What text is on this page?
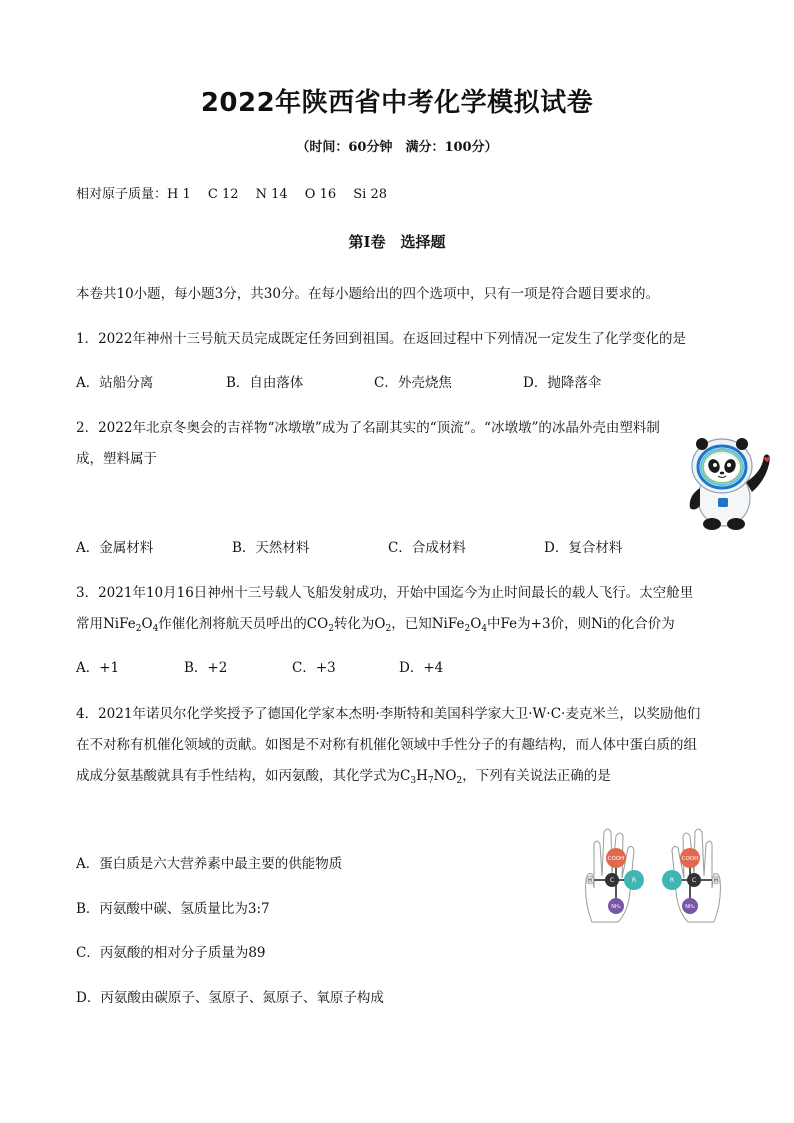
2022年陕西省中考化学模拟试卷
（时间：60分钟　满分：100分）
相对原子质量：H 1　 C 12　 N 14　 O 16　 Si 28
第Ⅰ卷　选择题
本卷共10小题，每小题3分，共30分。在每小题给出的四个选项中，只有一项是符合题目要求的。
1．2022年神州十三号航天员完成既定任务回到祖国。在返回过程中下列情况一定发生了化学变化的是
A．站船分离	B．自由落体	C．外壳烧焦	D．抛降落伞
2．2022年北京冬奥会的吉祥物“冰墩墩”成为了名副其实的“顶流”。“冰墩墩”的冰晶外壳由塑料制
成，塑料属于
A．金属材料	B．天然材料	C．合成材料	D．复合材料
3．2021年10月16日神州十三号载人飞船发射成功，开始中国迄今为止时间最长的载人飞行。太空舱里
常用$NiFe_2O_4$作催化剂将航天员呼出的$CO_2$转化为$O_2$，已知$NiFe_2O_4$中Fe为+3价，则Ni的化合价为
A．+1	B．+2	C．+3	D．+4
4．2021年诺贝尔化学奖授予了德国化学家本杰明·李斯特和美国科学家大卫·W·C·麦克米兰，以奖励他们
在不对称有机催化领域的贡献。如图是不对称有机催化领域中手性分子的有趣结构，而人体中蛋白质的组
成成分氨基酸就具有手性结构，如丙氨酸，其化学式为$C_3H_7NO_2$，下列有关说法正确的是
COOH
H	C	R
NH₂
COOH
R	C	H
NH₂
A．蛋白质是六大营养素中最主要的供能物质
B．丙氨酸中碳、氢质量比为3:7
C．丙氨酸的相对分子质量为89
D．丙氨酸由碳原子、氢原子、氮原子、氧原子构成
